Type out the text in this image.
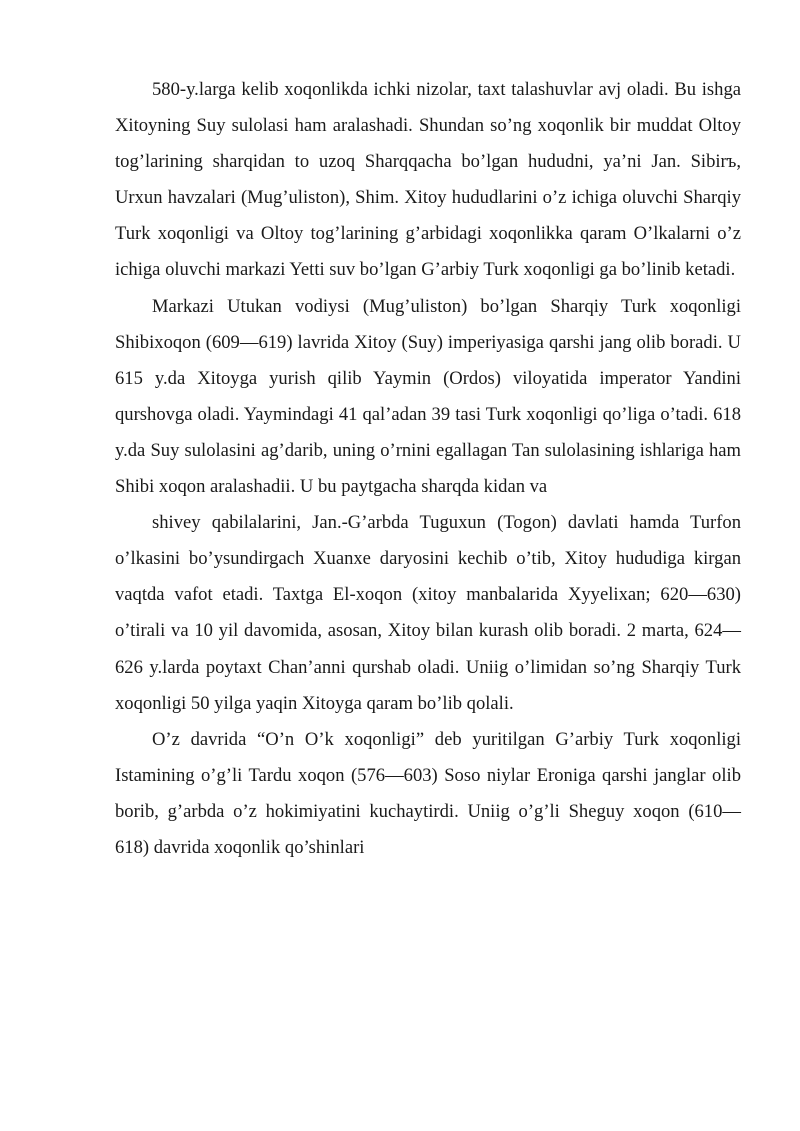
580-y.larga kelib xoqonlikda ichki nizolar, taxt talashuvlar avj oladi. Bu ishga Xitoyning Suy sulolasi ham aralashadi. Shundan so’ng xoqonlik bir muddat Oltoy tog’larining sharqidan to uzoq Sharqqacha bo’lgan hududni, ya’ni Jan. Sibirъ, Urxun havzalari (Mug’uliston), Shim. Xitoy hududlarini o’z ichiga oluvchi Sharqiy Turk xoqonligi va Oltoy tog’larining g’arbidagi xoqonlikka qaram O’lkalarni o’z ichiga oluvchi markazi Yetti suv bo’lgan G’arbiy Turk xoqonligi ga bo’linib ketadi.

Markazi Utukan vodiysi (Mug’uliston) bo’lgan Sharqiy Turk xoqonligi Shibixoqon (609—619) lavrida Xitoy (Suy) imperiyasiga qarshi jang olib boradi. U 615 y.da Xitoyga yurish qilib Yaymin (Ordos) viloyatida imperator Yandini qurshovga oladi. Yaymindagi 41 qal’adan 39 tasi Turk xoqonligi qo’liga o’tadi. 618 y.da Suy sulolasini ag’darib, uning o’rnini egallagan Tan sulolasining ishlariga ham Shibi xoqon aralashadii. U bu paytgacha sharqda kidan va

shivey qabilalarini, Jan.-G’arbda Tuguxun (Togon) davlati hamda Turfon o’lkasini bo’ysundirgach Xuanxe daryosini kechib o’tib, Xitoy hududiga kirgan vaqtda vafot etadi. Taxtga El-xoqon (xitoy manbalarida Xyyelixan; 620—630) o’tirali va 10 yil davomida, asosan, Xitoy bilan kurash olib boradi. 2 marta, 624—626 y.larda poytaxt Chan’anni qurshab oladi. Uniig o’limidan so’ng Sharqiy Turk xoqonligi 50 yilga yaqin Xitoyga qaram bo’lib qolali.

O’z davrida “O’n O’k xoqonligi” deb yuritilgan G’arbiy Turk xoqonligi Istamining o’g’li Tardu xoqon (576—603) Soso niylar Eroniga qarshi janglar olib borib, g’arbda o’z hokimiyatini kuchaytirdi. Uniig o’g’li Sheguy xoqon (610— 618) davrida xoqonlik qo’shinlari
